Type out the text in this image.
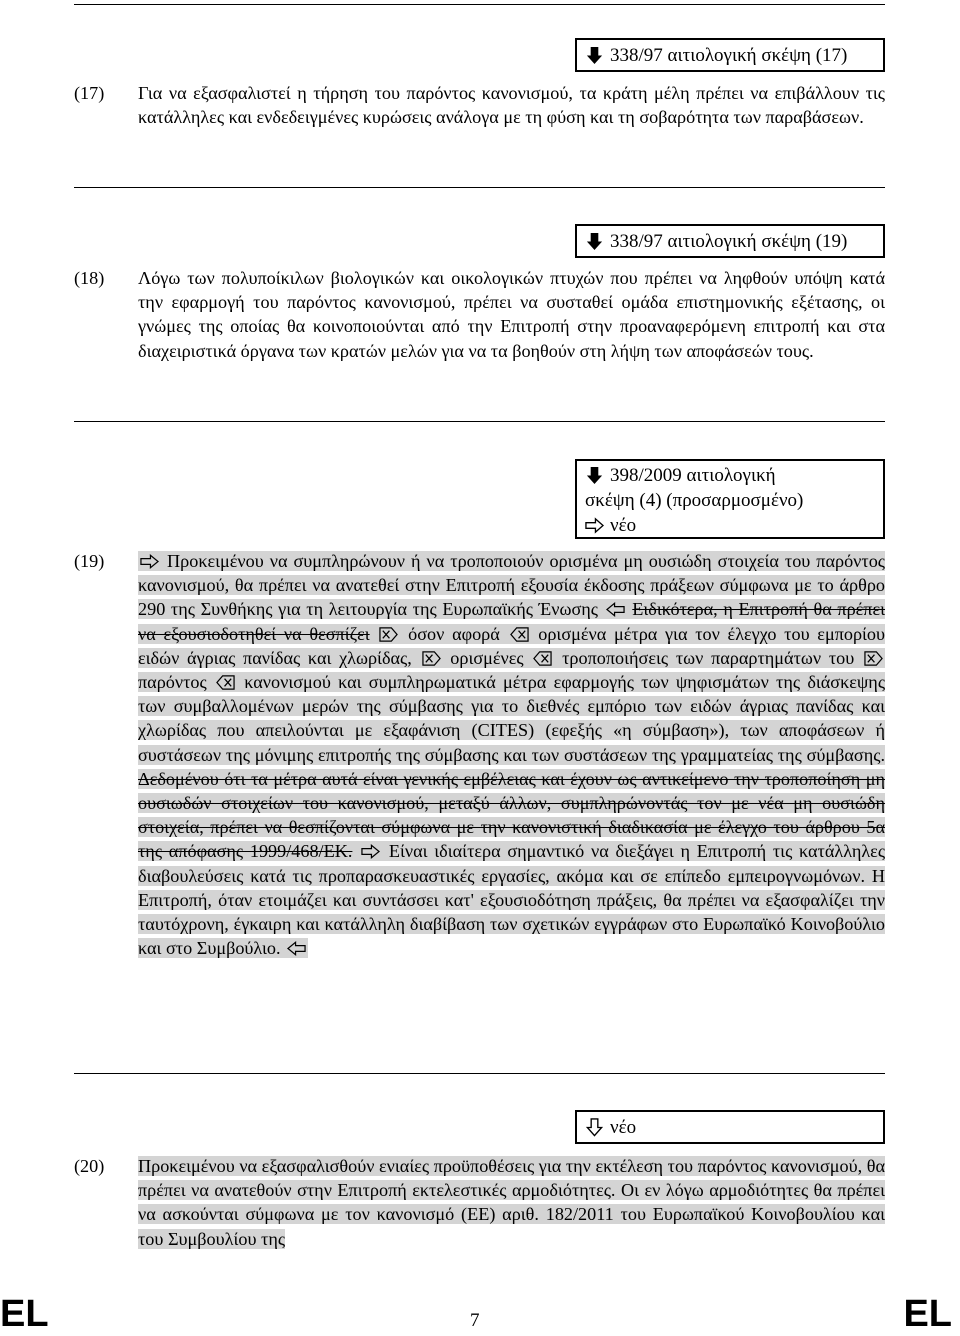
338/97 αιτιολογική σκέψη (17)
(17)	Για να εξασφαλιστεί η τήρηση του παρόντος κανονισμού, τα κράτη μέλη πρέπει να επιβάλλουν τις κατάλληλες και ενδεδειγμένες κυρώσεις ανάλογα με τη φύση και τη σοβαρότητα των παραβάσεων.
338/97 αιτιολογική σκέψη (19)
(18)	Λόγω των πολυποίκιλων βιολογικών και οικολογικών πτυχών που πρέπει να ληφθούν υπόψη κατά την εφαρμογή του παρόντος κανονισμού, πρέπει να συσταθεί ομάδα επιστημονικής εξέτασης, οι γνώμες της οποίας θα κοινοποιούνται από την Επιτροπή στην προαναφερόμενη επιτροπή και στα διαχειριστικά όργανα των κρατών μελών για να τα βοηθούν στη λήψη των αποφάσεών τους.
398/2009 αιτιολογική
σκέψη (4) (προσαρμοσμένο)
νέο
(19)	Προκειμένου να συμπληρώνουν ή να τροποποιούν ορισμένα μη ουσιώδη στοιχεία του παρόντος κανονισμού, θα πρέπει να ανατεθεί στην Επιτροπή εξουσία έκδοσης πράξεων σύμφωνα με το άρθρο 290 της Συνθήκης για τη λειτουργία της Ευρωπαϊκής Ένωσης Ειδικότερα, η Επιτροπή θα πρέπει να εξουσιοδοτηθεί να θεσπίζει όσον αφορά ορισμένα μέτρα για τον έλεγχο του εμπορίου ειδών άγριας πανίδας και χλωρίδας, ορισμένες τροποποιήσεις των παραρτημάτων του  παρόντος κανονισμού και συμπληρωματικά μέτρα εφαρμογής των ψηφισμάτων της διάσκεψης των συμβαλλομένων μερών της σύμβασης για το διεθνές εμπόριο των ειδών άγριας πανίδας και χλωρίδας που απειλούνται με εξαφάνιση (CITES) (εφεξής «η σύμβαση»), των αποφάσεων ή συστάσεων της μόνιμης επιτροπής της σύμβασης και των συστάσεων της γραμματείας της σύμβασης. Δεδομένου ότι τα μέτρα αυτά είναι γενικής εμβέλειας και έχουν ως αντικείμενο την τροποποίηση μη ουσιωδών στοιχείων του κανονισμού, μεταξύ άλλων, συμπληρώνοντάς τον με νέα μη ουσιώδη στοιχεία, πρέπει να θεσπίζονται σύμφωνα με την κανονιστική διαδικασία με έλεγχο του άρθρου 5α της απόφασης 1999/468/ΕΚ. Είναι ιδιαίτερα σημαντικό να διεξάγει η Επιτροπή τις κατάλληλες διαβουλεύσεις κατά τις προπαρασκευαστικές εργασίες, ακόμα και σε επίπεδο εμπειρογνωμόνων. Η Επιτροπή, όταν ετοιμάζει και συντάσσει κατ' εξουσιοδότηση πράξεις, θα πρέπει να εξασφαλίζει την ταυτόχρονη, έγκαιρη και κατάλληλη διαβίβαση των σχετικών εγγράφων στο Ευρωπαϊκό Κοινοβούλιο και στο Συμβούλιο.
νέο
(20)	Προκειμένου να εξασφαλισθούν ενιαίες προϋποθέσεις για την εκτέλεση του παρόντος κανονισμού, θα πρέπει να ανατεθούν στην Επιτροπή εκτελεστικές αρμοδιότητες. Οι εν λόγω αρμοδιότητες θα πρέπει να ασκούνται σύμφωνα με τον κανονισμό (ΕΕ) αριθ. 182/2011 του Ευρωπαϊκού Κοινοβουλίου και του Συμβουλίου της
EL	7	EL
